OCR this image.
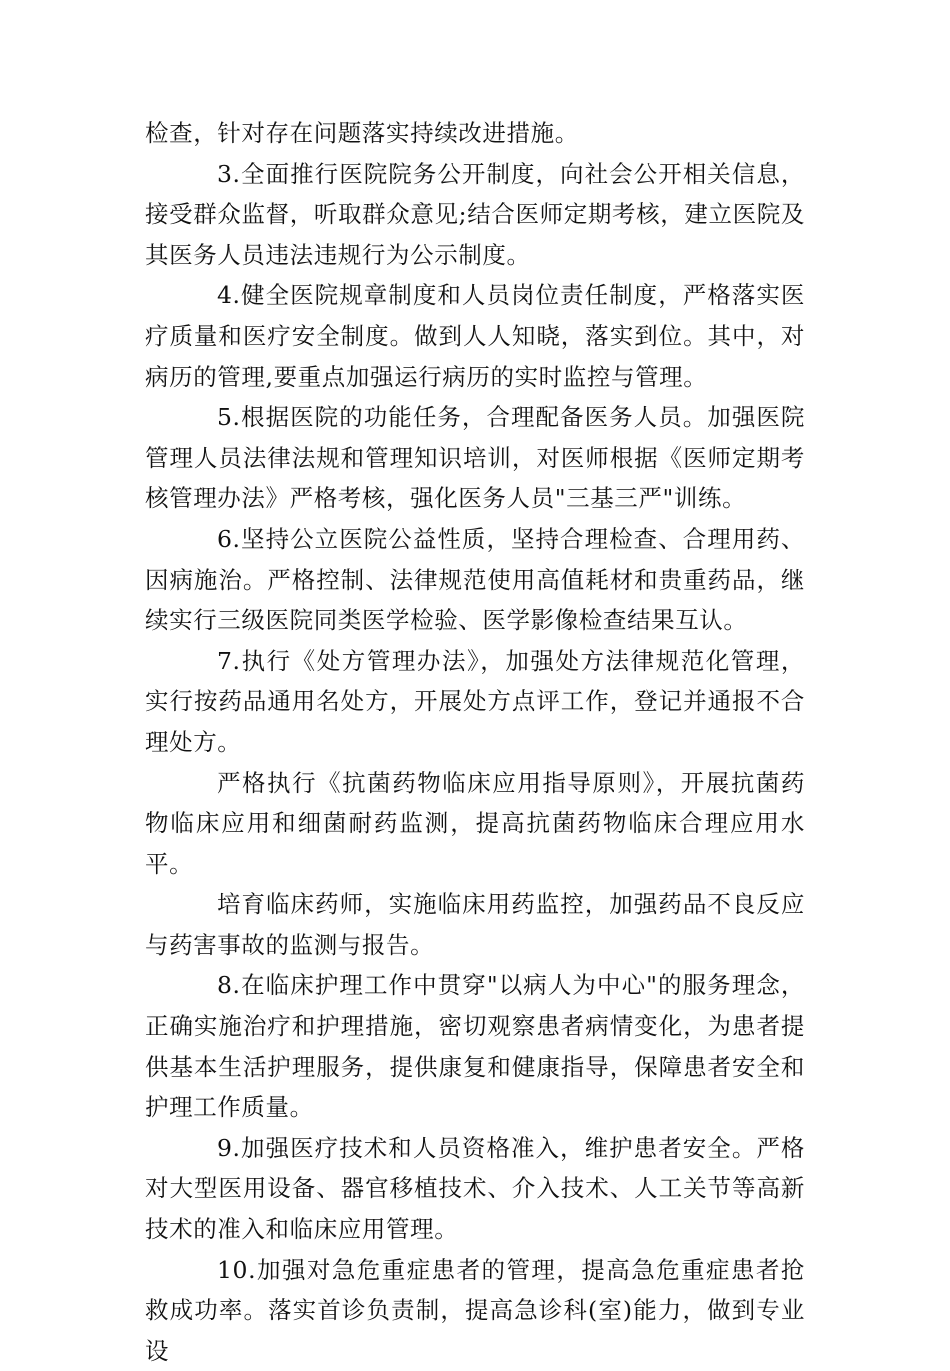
检查，针对存在问题落实持续改进措施。

3.全面推行医院院务公开制度，向社会公开相关信息，接受群众监督，听取群众意见;结合医师定期考核，建立医院及其医务人员违法违规行为公示制度。

4.健全医院规章制度和人员岗位责任制度，严格落实医疗质量和医疗安全制度。做到人人知晓，落实到位。其中，对病历的管理,要重点加强运行病历的实时监控与管理。

5.根据医院的功能任务，合理配备医务人员。加强医院管理人员法律法规和管理知识培训，对医师根据《医师定期考核管理办法》严格考核，强化医务人员"三基三严"训练。

6.坚持公立医院公益性质，坚持合理检查、合理用药、因病施治。严格控制、法律规范使用高值耗材和贵重药品，继续实行三级医院同类医学检验、医学影像检查结果互认。

7.执行《处方管理办法》，加强处方法律规范化管理，实行按药品通用名处方，开展处方点评工作，登记并通报不合理处方。

严格执行《抗菌药物临床应用指导原则》，开展抗菌药物临床应用和细菌耐药监测，提高抗菌药物临床合理应用水平。

培育临床药师，实施临床用药监控，加强药品不良反应与药害事故的监测与报告。

8.在临床护理工作中贯穿"以病人为中心"的服务理念，正确实施治疗和护理措施，密切观察患者病情变化，为患者提供基本生活护理服务，提供康复和健康指导，保障患者安全和护理工作质量。

9.加强医疗技术和人员资格准入，维护患者安全。严格对大型医用设备、器官移植技术、介入技术、人工关节等高新技术的准入和临床应用管理。

10.加强对急危重症患者的管理，提高急危重症患者抢救成功率。落实首诊负责制，提高急诊科(室)能力，做到专业设
